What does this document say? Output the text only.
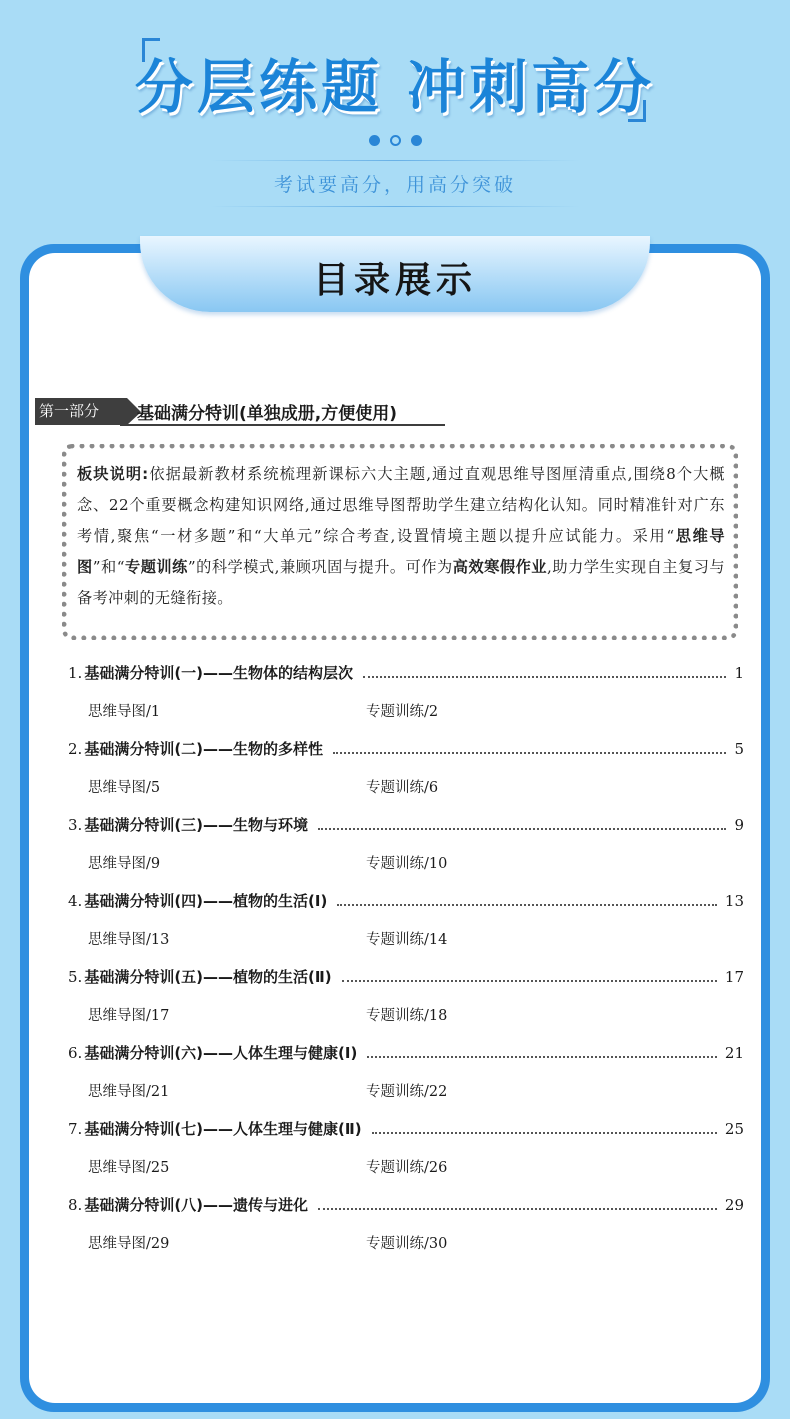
分层练题 冲刺高分
考试要高分，用高分突破
目录展示
第一部分	基础满分特训(单独成册,方便使用)

板块说明:依据最新教材系统梳理新课标六大主题,通过直观思维导图厘清重点,围绕8个大概念、22个重要概念构建知识网络,通过思维导图帮助学生建立结构化认知。同时精准针对广东考情,聚焦“一材多题”和“大单元”综合考查,设置情境主题以提升应试能力。采用“思维导图”和“专题训练”的科学模式,兼顾巩固与提升。可作为高效寒假作业,助力学生实现自主复习与备考冲刺的无缝衔接。

1. 基础满分特训(一)——生物体的结构层次	1
思维导图/1	专题训练/2
2. 基础满分特训(二)——生物的多样性	5
思维导图/5	专题训练/6
3. 基础满分特训(三)——生物与环境	9
思维导图/9	专题训练/10
4. 基础满分特训(四)——植物的生活(Ⅰ)	13
思维导图/13	专题训练/14
5. 基础满分特训(五)——植物的生活(Ⅱ)	17
思维导图/17	专题训练/18
6. 基础满分特训(六)——人体生理与健康(Ⅰ)	21
思维导图/21	专题训练/22
7. 基础满分特训(七)——人体生理与健康(Ⅱ)	25
思维导图/25	专题训练/26
8. 基础满分特训(八)——遗传与进化	29
思维导图/29	专题训练/30
